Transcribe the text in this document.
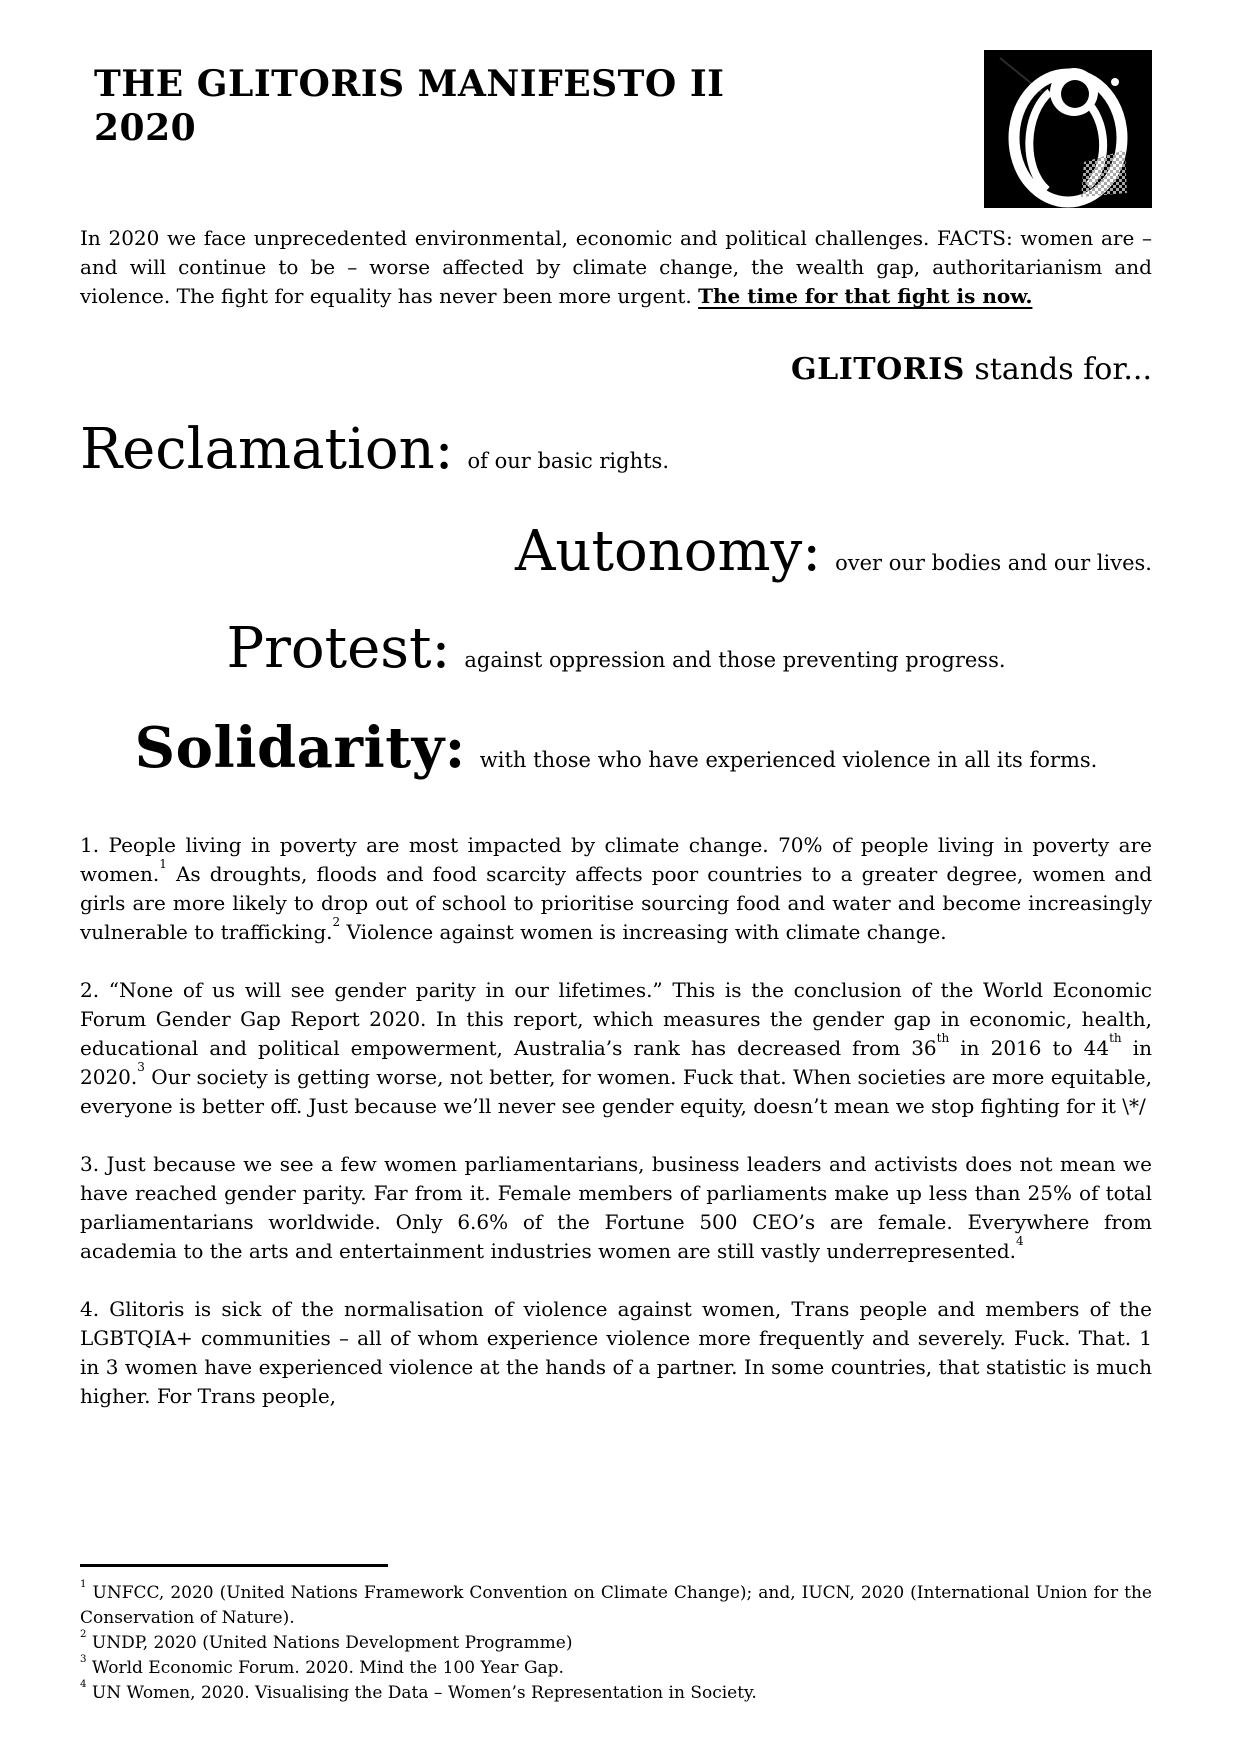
THE GLITORIS MANIFESTO II
2020

In 2020 we face unprecedented environmental, economic and political challenges. FACTS: women are – and will continue to be – worse affected by climate change, the wealth gap, authoritarianism and violence. The fight for equality has never been more urgent. The time for that fight is now.

GLITORIS stands for...
Reclamation: of our basic rights.
Autonomy: over our bodies and our lives.
Protest: against oppression and those preventing progress.
Solidarity: with those who have experienced violence in all its forms.

1. People living in poverty are most impacted by climate change. 70% of people living in poverty are women.$^1$ As droughts, floods and food scarcity affects poor countries to a greater degree, women and girls are more likely to drop out of school to prioritise sourcing food and water and become increasingly vulnerable to trafficking.$^2$ Violence against women is increasing with climate change.

2. “None of us will see gender parity in our lifetimes.” This is the conclusion of the World Economic Forum Gender Gap Report 2020. In this report, which measures the gender gap in economic, health, educational and political empowerment, Australia’s rank has decreased from 36th in 2016 to 44th in 2020.$^3$ Our society is getting worse, not better, for women. Fuck that. When societies are more equitable, everyone is better off. Just because we’ll never see gender equity, doesn’t mean we stop fighting for it \*/

3. Just because we see a few women parliamentarians, business leaders and activists does not mean we have reached gender parity. Far from it. Female members of parliaments make up less than 25% of total parliamentarians worldwide. Only 6.6% of the Fortune 500 CEO’s are female. Everywhere from academia to the arts and entertainment industries women are still vastly underrepresented.$^4$

4. Glitoris is sick of the normalisation of violence against women, Trans people and members of the LGBTQIA+ communities – all of whom experience violence more frequently and severely. Fuck. That. 1 in 3 women have experienced violence at the hands of a partner. In some countries, that statistic is much higher. For Trans people,

$^1$ UNFCC, 2020 (United Nations Framework Convention on Climate Change); and, IUCN, 2020 (International Union for the Conservation of Nature).

$^2$ UNDP, 2020 (United Nations Development Programme)

$^3$ World Economic Forum. 2020. Mind the 100 Year Gap.

$^4$ UN Women, 2020. Visualising the Data – Women’s Representation in Society.
